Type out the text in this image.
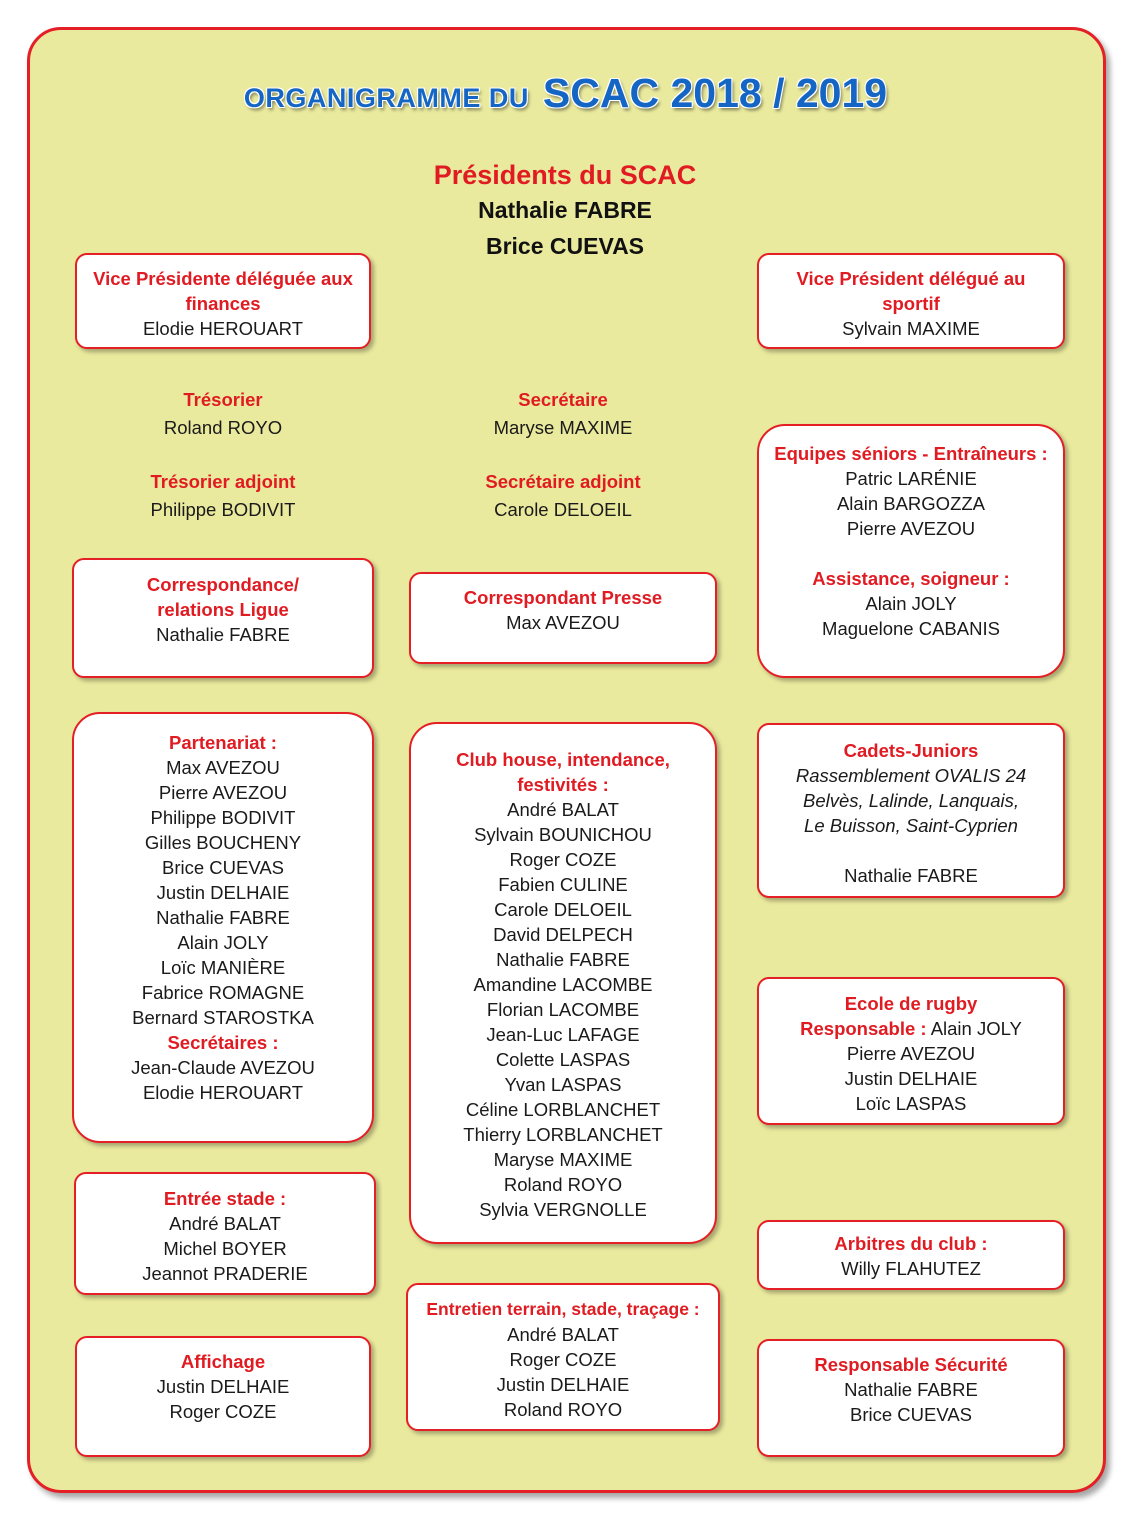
ORGANIGRAMME DU SCAC 2018 / 2019
Présidents du SCAC
Nathalie FABRE
Brice CUEVAS
Vice Présidente déléguée aux
finances
Elodie HEROUART
Vice Président délégué au
sportif
Sylvain MAXIME
Trésorier
Roland ROYO
Trésorier adjoint
Philippe BODIVIT
Secrétaire
Maryse MAXIME
Secrétaire adjoint
Carole DELOEIL
Equipes séniors - Entraîneurs :
Patric LARÉNIE
Alain BARGOZZA
Pierre AVEZOU
Assistance, soigneur :
Alain JOLY
Maguelone CABANIS
Correspondance/
relations Ligue
Nathalie FABRE
Correspondant Presse
Max AVEZOU
Partenariat :
Max AVEZOU
Pierre AVEZOU
Philippe BODIVIT
Gilles BOUCHENY
Brice CUEVAS
Justin DELHAIE
Nathalie FABRE
Alain JOLY
Loïc MANIÈRE
Fabrice ROMAGNE
Bernard STAROSTKA
Secrétaires :
Jean-Claude AVEZOU
Elodie HEROUART
Club house, intendance,
festivités :
André BALAT
Sylvain BOUNICHOU
Roger COZE
Fabien CULINE
Carole DELOEIL
David DELPECH
Nathalie FABRE
Amandine LACOMBE
Florian LACOMBE
Jean-Luc LAFAGE
Colette LASPAS
Yvan LASPAS
Céline LORBLANCHET
Thierry LORBLANCHET
Maryse MAXIME
Roland ROYO
Sylvia VERGNOLLE
Cadets-Juniors
Rassemblement OVALIS 24
Belvès, Lalinde, Lanquais,
Le Buisson, Saint-Cyprien
Nathalie FABRE
Ecole de rugby
Responsable : Alain JOLY
Pierre AVEZOU
Justin DELHAIE
Loïc LASPAS
Entrée stade :
André BALAT
Michel BOYER
Jeannot PRADERIE
Arbitres du club :
Willy FLAHUTEZ
Entretien terrain, stade, traçage :
André BALAT
Roger COZE
Justin DELHAIE
Roland ROYO
Affichage
Justin DELHAIE
Roger COZE
Responsable Sécurité
Nathalie FABRE
Brice CUEVAS
